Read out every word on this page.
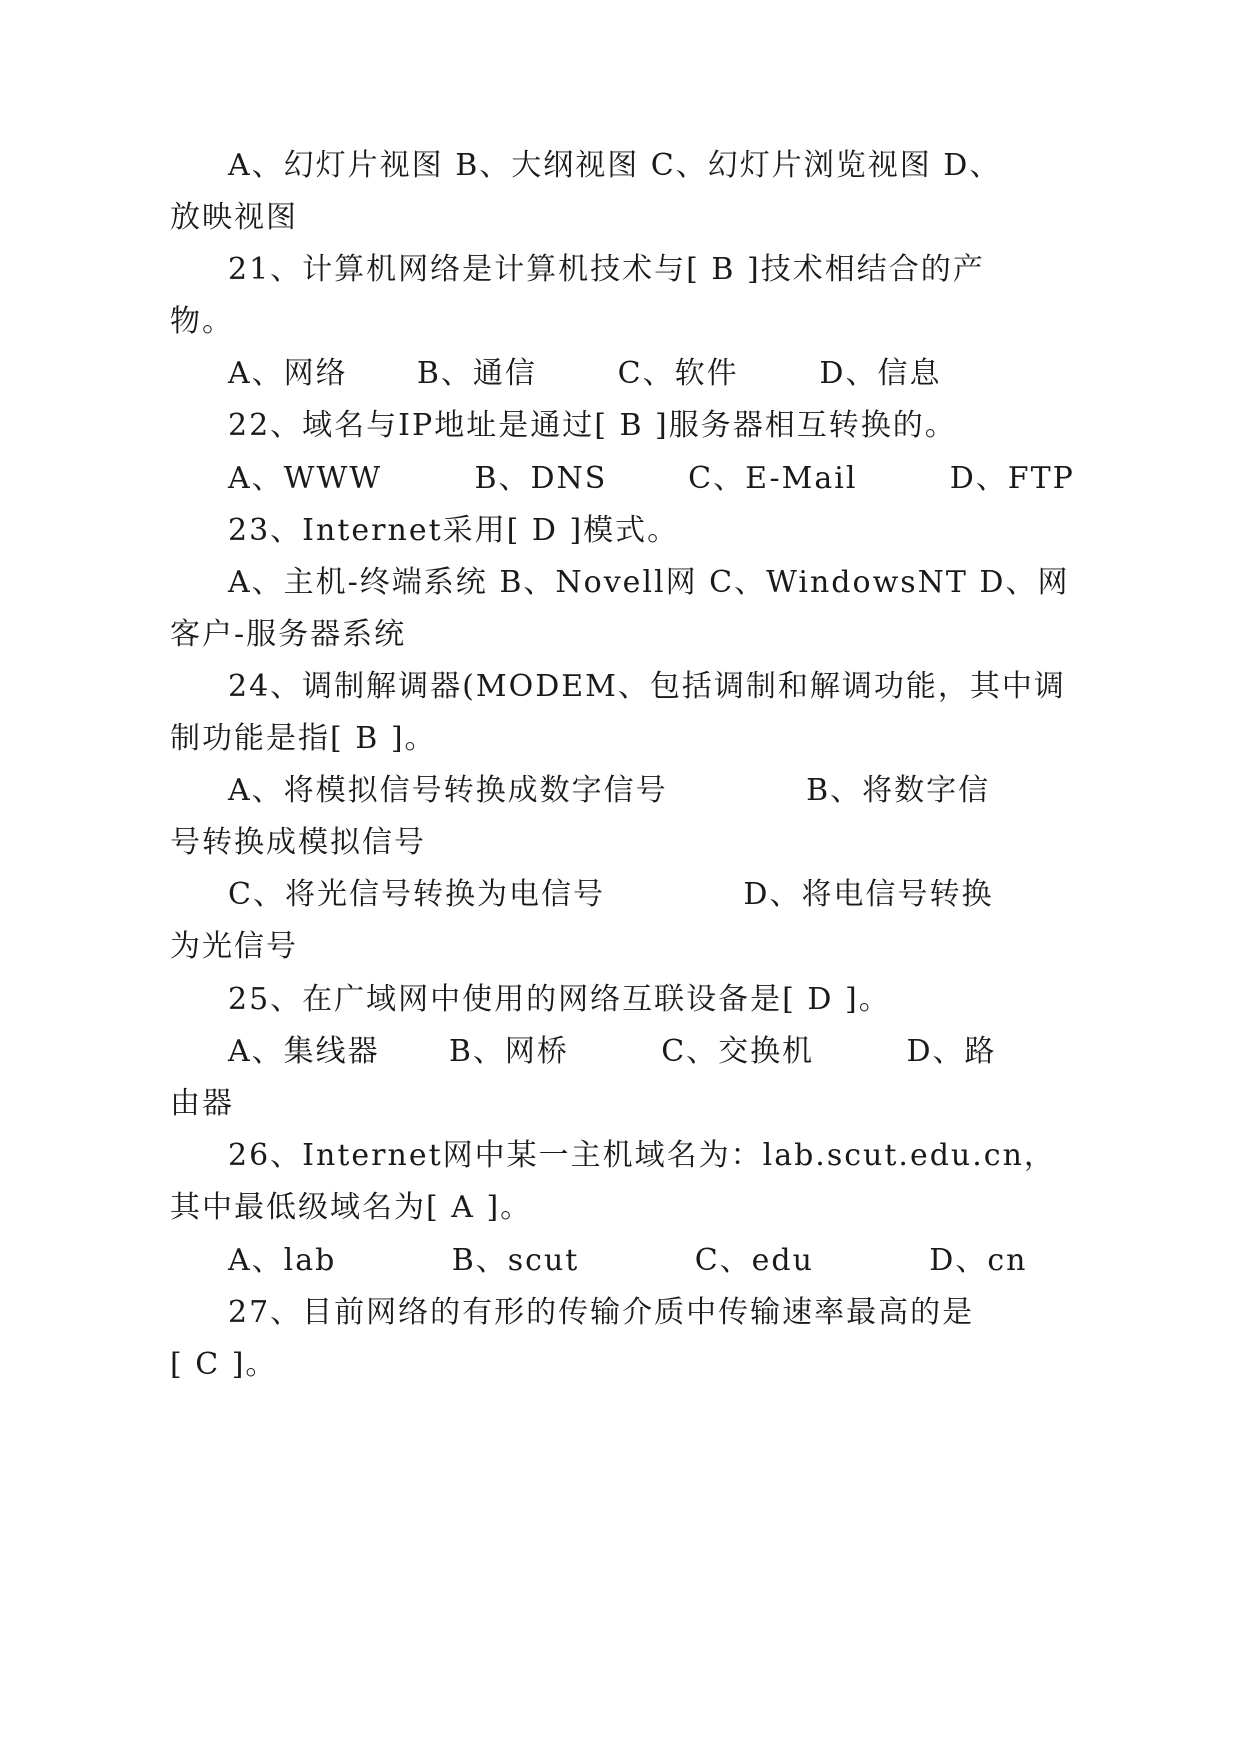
A、幻灯片视图 B、大纲视图 C、幻灯片浏览视图 D、
放映视图
21、计算机网络是计算机技术与[ B ]技术相结合的产
物。
A、网络      B、通信       C、软件       D、信息
22、域名与IP地址是通过[ B ]服务器相互转换的。
A、WWW        B、DNS       C、E-Mail        D、FTP
23、Internet采用[ D ]模式。
A、主机-终端系统 B、Novell网 C、WindowsNT D、网
客户-服务器系统
24、调制解调器(MODEM、包括调制和解调功能，其中调
制功能是指[ B ]。
A、将模拟信号转换成数字信号            B、将数字信
号转换成模拟信号
C、将光信号转换为电信号            D、将电信号转换
为光信号
25、在广域网中使用的网络互联设备是[ D ]。
A、集线器      B、网桥        C、交换机        D、路
由器
26、Internet网中某一主机域名为：lab.scut.edu.cn，
其中最低级域名为[ A ]。
A、lab          B、scut          C、edu          D、cn
27、目前网络的有形的传输介质中传输速率最高的是
[ C ]。
